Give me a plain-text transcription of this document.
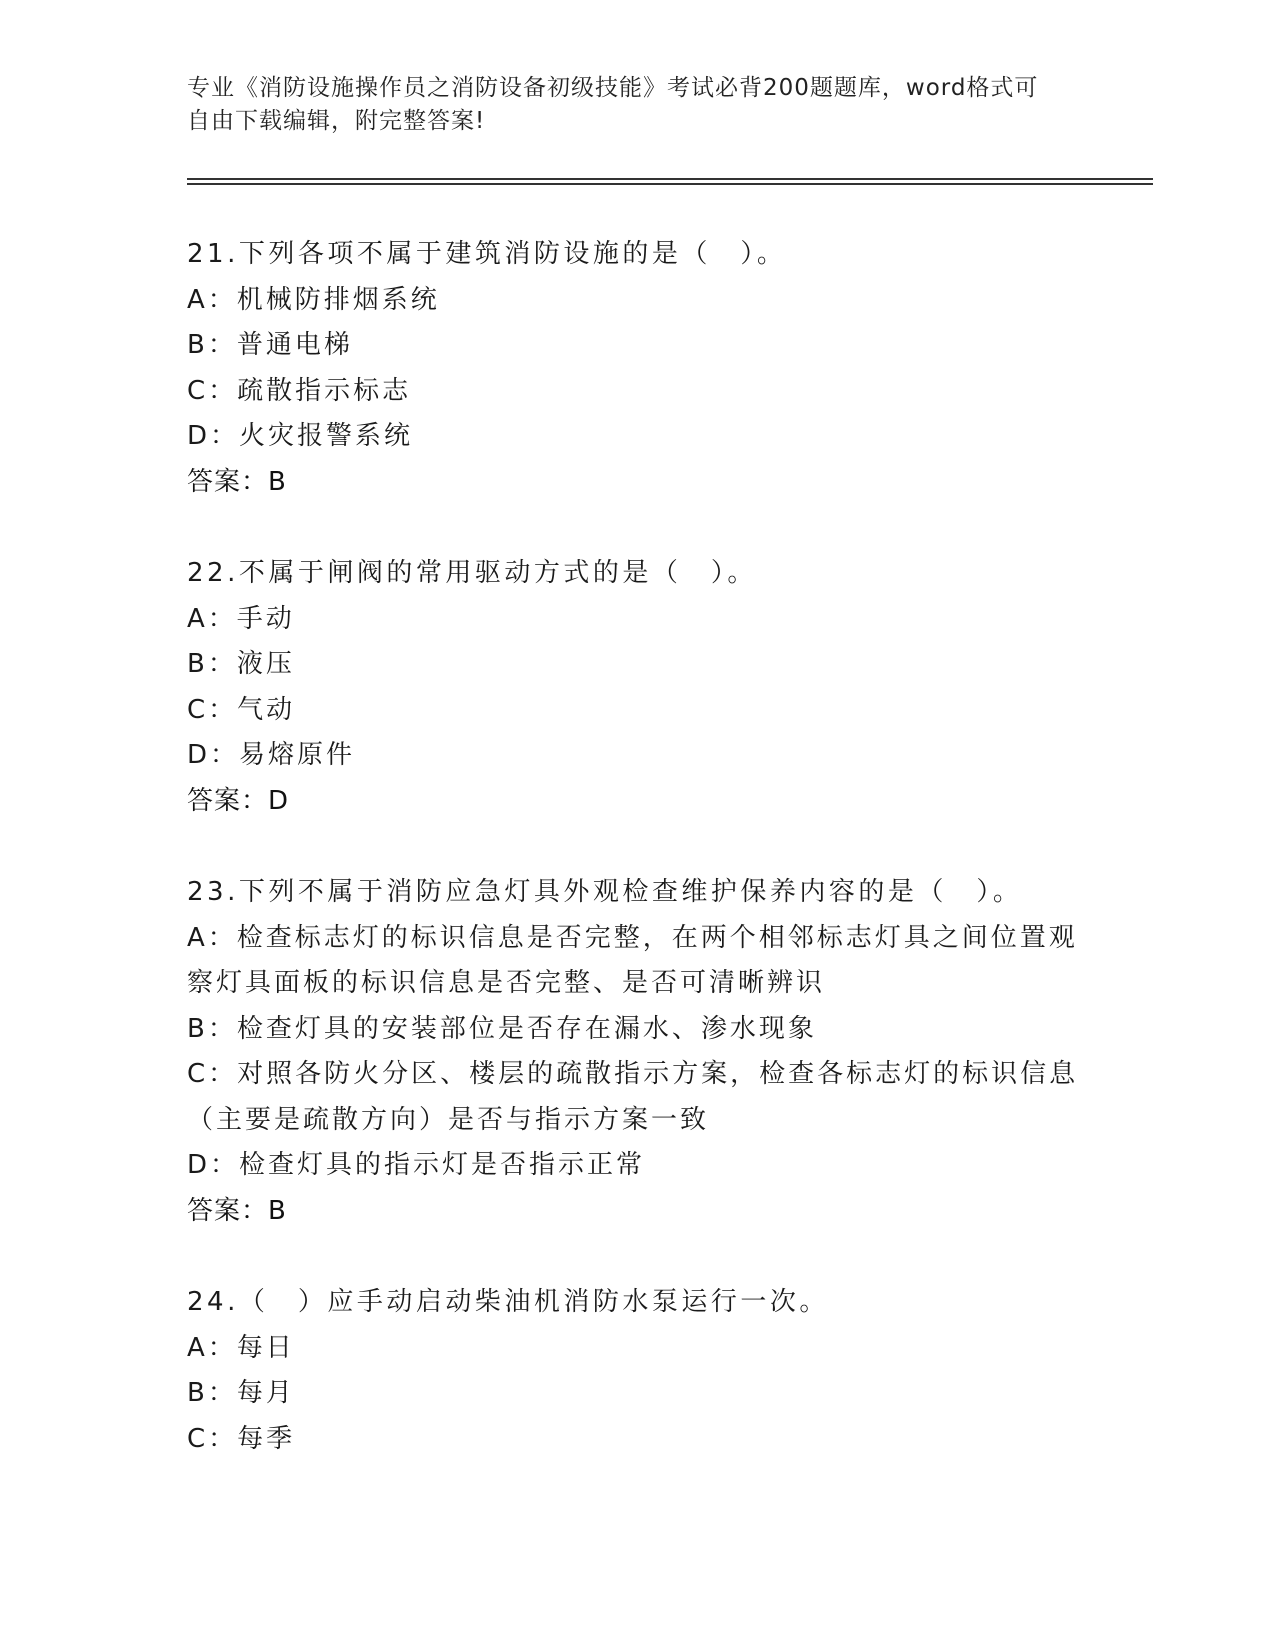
专业《消防设施操作员之消防设备初级技能》考试必背200题题库，word格式可
自由下载编辑，附完整答案!
21.下列各项不属于建筑消防设施的是（　）。
A：机械防排烟系统
B：普通电梯
C：疏散指示标志
D：火灾报警系统
答案：B
22.不属于闸阀的常用驱动方式的是（　）。
A：手动
B：液压
C：气动
D：易熔原件
答案：D
23.下列不属于消防应急灯具外观检查维护保养内容的是（　）。
A：检查标志灯的标识信息是否完整，在两个相邻标志灯具之间位置观
察灯具面板的标识信息是否完整、是否可清晰辨识
B：检查灯具的安装部位是否存在漏水、渗水现象
C：对照各防火分区、楼层的疏散指示方案，检查各标志灯的标识信息
（主要是疏散方向）是否与指示方案一致
D：检查灯具的指示灯是否指示正常
答案：B
24.（　）应手动启动柴油机消防水泵运行一次。
A：每日
B：每月
C：每季
